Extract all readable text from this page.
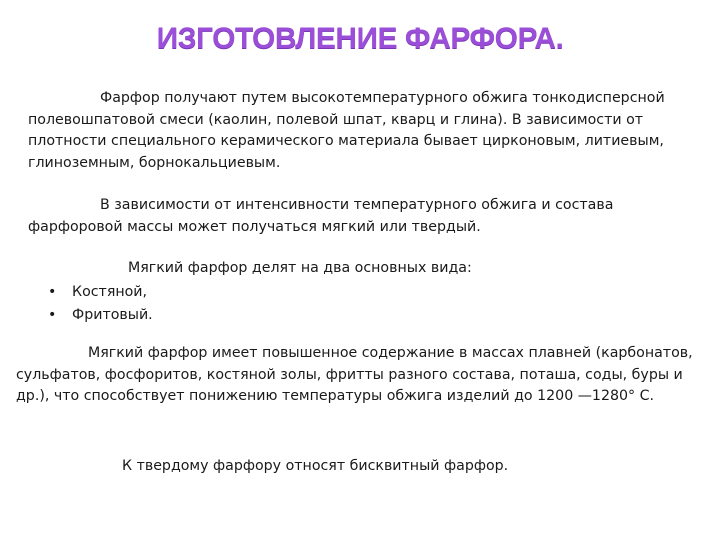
ИЗГОТОВЛЕНИЕ ФАРФОРА.

Фарфор получают путем высокотемпературного обжига тонкодисперсной полевошпатовой смеси (каолин, полевой шпат, кварц и глина). В зависимости от плотности специального керамического материала бывает цирконовым, литиевым, глиноземным, борнокальциевым.

В зависимости от интенсивности температурного обжига и состава фарфоровой массы может получаться мягкий или твердый.

Мягкий фарфор делят на два основных вида:

• Костяной,
• Фритовый.

Мягкий фарфор имеет повышенное содержание в массах плавней (карбонатов, сульфатов, фосфоритов, костяной золы, фритты разного состава, поташа, соды, буры и др.), что способствует понижению температуры обжига изделий до 1200 —1280° С.

К твердому фарфору относят бисквитный фарфор.
